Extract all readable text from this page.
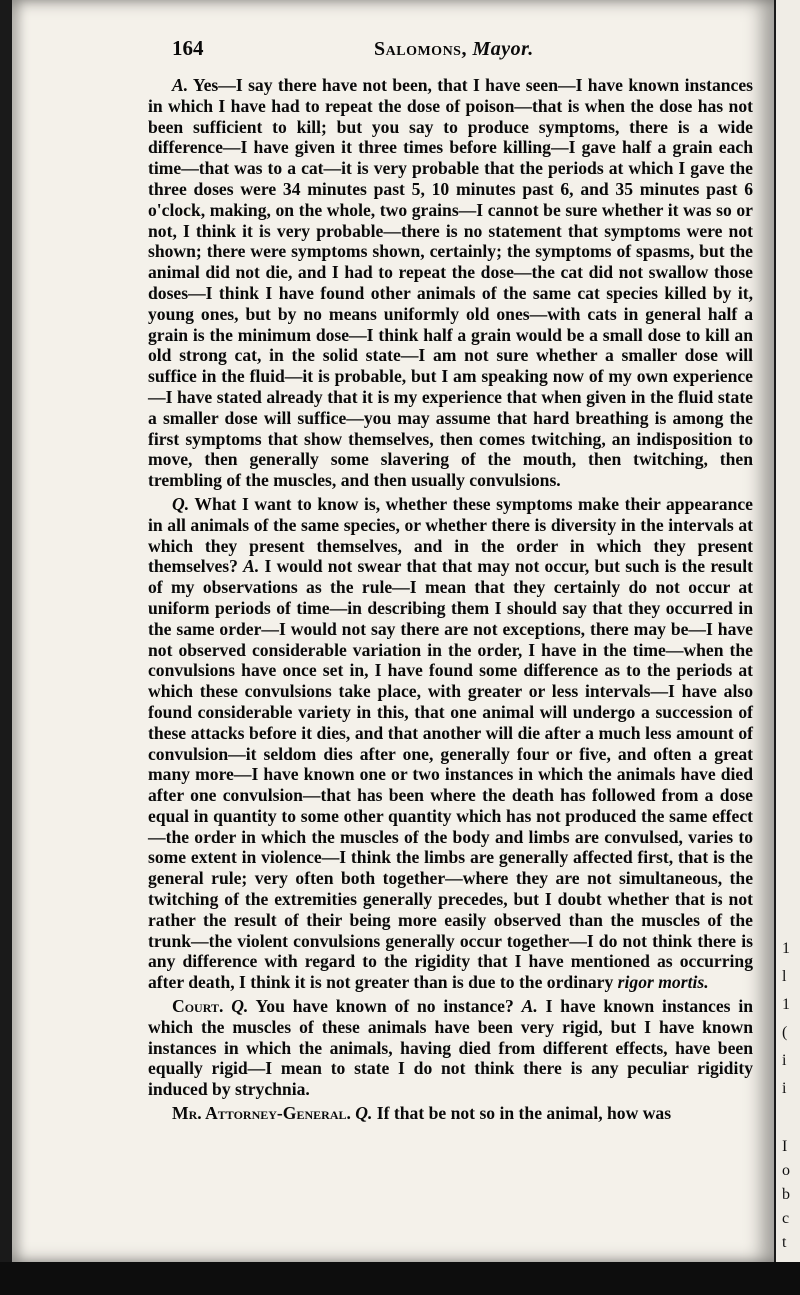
164	Salomons, Mayor.

A. Yes—I say there have not been, that I have seen—I have known instances in which I have had to repeat the dose of poison—that is when the dose has not been sufficient to kill; but you say to produce symptoms, there is a wide difference—I have given it three times before killing—I gave half a grain each time—that was to a cat—it is very probable that the periods at which I gave the three doses were 34 minutes past 5, 10 minutes past 6, and 35 minutes past 6 o'clock, making, on the whole, two grains—I cannot be sure whether it was so or not, I think it is very probable—there is no statement that symptoms were not shown; there were symptoms shown, certainly; the symptoms of spasms, but the animal did not die, and I had to repeat the dose—the cat did not swallow those doses—I think I have found other animals of the same cat species killed by it, young ones, but by no means uniformly old ones—with cats in general half a grain is the minimum dose—I think half a grain would be a small dose to kill an old strong cat, in the solid state—I am not sure whether a smaller dose will suffice in the fluid—it is probable, but I am speaking now of my own experience—I have stated already that it is my experience that when given in the fluid state a smaller dose will suffice—you may assume that hard breathing is among the first symptoms that show themselves, then comes twitching, an indisposition to move, then generally some slavering of the mouth, then twitching, then trembling of the muscles, and then usually convulsions.

Q. What I want to know is, whether these symptoms make their appearance in all animals of the same species, or whether there is diversity in the intervals at which they present themselves, and in the order in which they present themselves? A. I would not swear that that may not occur, but such is the result of my observations as the rule—I mean that they certainly do not occur at uniform periods of time—in describing them I should say that they occurred in the same order—I would not say there are not exceptions, there may be—I have not observed considerable variation in the order, I have in the time—when the convulsions have once set in, I have found some difference as to the periods at which these convulsions take place, with greater or less intervals—I have also found considerable variety in this, that one animal will undergo a succession of these attacks before it dies, and that another will die after a much less amount of convulsion—it seldom dies after one, generally four or five, and often a great many more—I have known one or two instances in which the animals have died after one convulsion—that has been where the death has followed from a dose equal in quantity to some other quantity which has not produced the same effect—the order in which the muscles of the body and limbs are convulsed, varies to some extent in violence—I think the limbs are generally affected first, that is the general rule; very often both together—where they are not simultaneous, the twitching of the extremities generally precedes, but I doubt whether that is not rather the result of their being more easily observed than the muscles of the trunk—the violent convulsions generally occur together—I do not think there is any difference with regard to the rigidity that I have mentioned as occurring after death, I think it is not greater than is due to the ordinary rigor mortis.

Court. Q. You have known of no instance? A. I have known instances in which the muscles of these animals have been very rigid, but I have known instances in which the animals, having died from different effects, have been equally rigid—I mean to state I do not think there is any peculiar rigidity induced by strychnia.

Mr. Attorney-General. Q. If that be not so in the animal, how was

1
l
1
(
i
i
I
o
b
c
t
